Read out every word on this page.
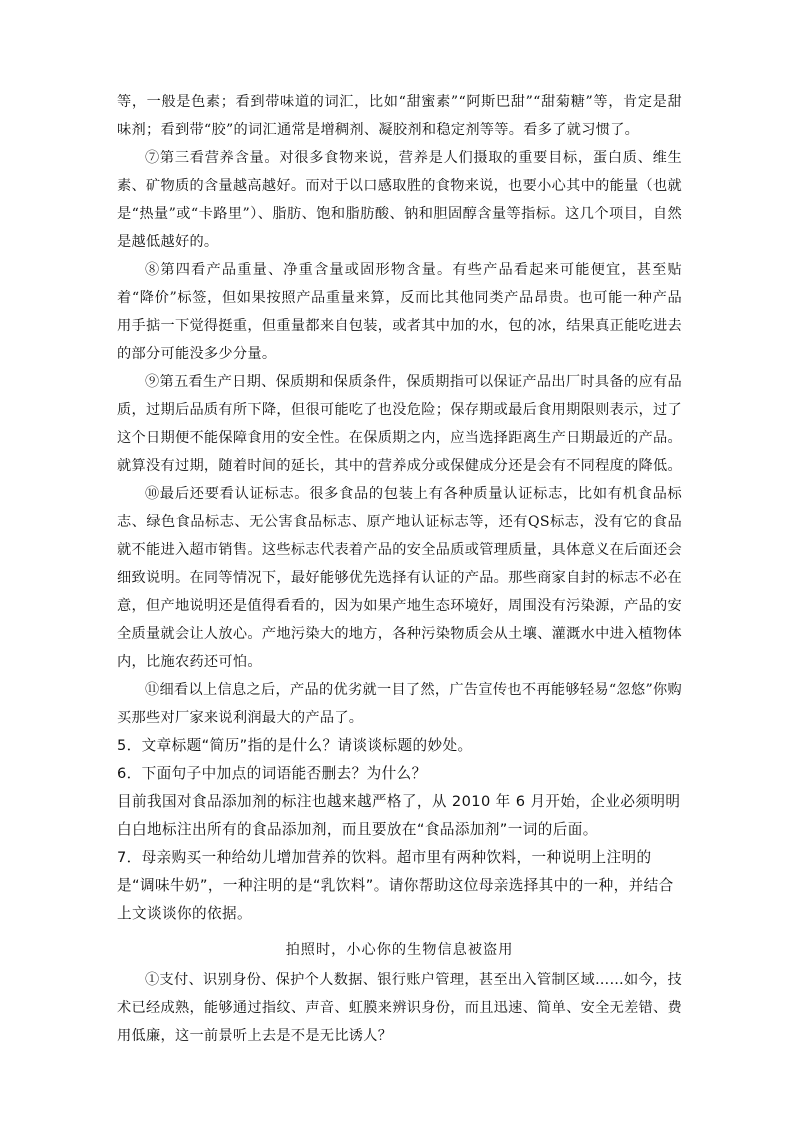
等，一般是色素；看到带味道的词汇，比如“甜蜜素”“阿斯巴甜”“甜菊糖”等，肯定是甜味剂；看到带“胶”的词汇通常是增稠剂、凝胶剂和稳定剂等等。看多了就习惯了。

⑦第三看营养含量。对很多食物来说，营养是人们摄取的重要目标，蛋白质、维生素、矿物质的含量越高越好。而对于以口感取胜的食物来说，也要小心其中的能量（也就是“热量”或“卡路里”）、脂肪、饱和脂肪酸、钠和胆固醇含量等指标。这几个项目，自然是越低越好的。

⑧第四看产品重量、净重含量或固形物含量。有些产品看起来可能便宜，甚至贴着“降价”标签，但如果按照产品重量来算，反而比其他同类产品昂贵。也可能一种产品用手掂一下觉得挺重，但重量都来自包装，或者其中加的水，包的冰，结果真正能吃进去的部分可能没多少分量。

⑨第五看生产日期、保质期和保质条件，保质期指可以保证产品出厂时具备的应有品质，过期后品质有所下降，但很可能吃了也没危险；保存期或最后食用期限则表示，过了这个日期便不能保障食用的安全性。在保质期之内，应当选择距离生产日期最近的产品。就算没有过期，随着时间的延长，其中的营养成分或保健成分还是会有不同程度的降低。

⑩最后还要看认证标志。很多食品的包装上有各种质量认证标志，比如有机食品标志、绿色食品标志、无公害食品标志、原产地认证标志等，还有QS标志，没有它的食品就不能进入超市销售。这些标志代表着产品的安全品质或管理质量，具体意义在后面还会细致说明。在同等情况下，最好能够优先选择有认证的产品。那些商家自封的标志不必在意，但产地说明还是值得看看的，因为如果产地生态环境好，周围没有污染源，产品的安全质量就会让人放心。产地污染大的地方，各种污染物质会从土壤、灌溉水中进入植物体内，比施农药还可怕。

⑪细看以上信息之后，产品的优劣就一目了然，广告宣传也不再能够轻易“忽悠”你购买那些对厂家来说利润最大的产品了。

5．文章标题“简历”指的是什么？请谈谈标题的妙处。

6．下面句子中加点的词语能否删去？为什么？

目前我国对食品添加剂的标注也越来越严格了，从 2010 年 6 月开始，企业必须明明白白地标注出所有的食品添加剂，而且要放在“食品添加剂”一词的后面。

7．母亲购买一种给幼儿增加营养的饮料。超市里有两种饮料，一种说明上注明的是“调味牛奶”，一种注明的是“乳饮料”。请你帮助这位母亲选择其中的一种，并结合上文谈谈你的依据。

拍照时，小心你的生物信息被盗用

①支付、识别身份、保护个人数据、银行账户管理，甚至出入管制区域……如今，技术已经成熟，能够通过指纹、声音、虹膜来辨识身份，而且迅速、简单、安全无差错、费用低廉，这一前景听上去是不是无比诱人？
